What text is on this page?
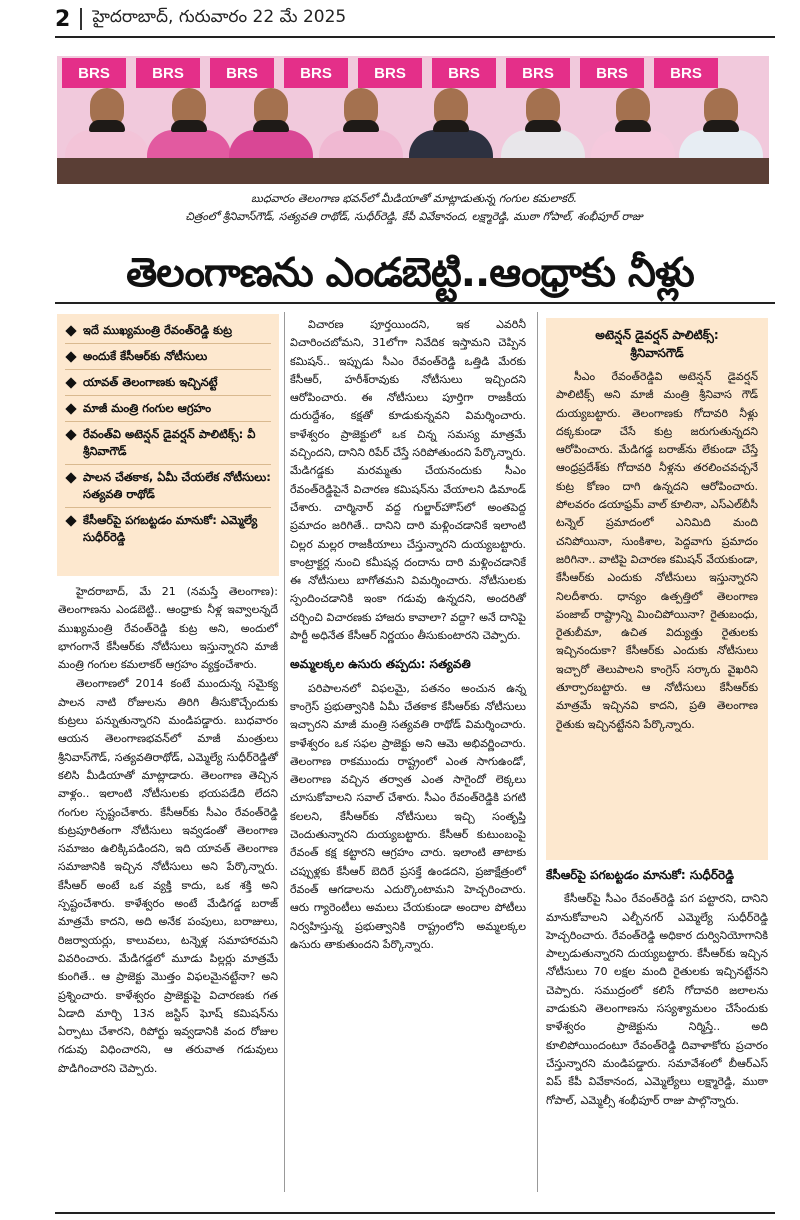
2 హైదరాబాద్, గురువారం 22 మే 2025
BRS	BRS	BRS	BRS	BRS	BRS	BRS	BRS	BRS
బుధవారం తెలంగాణ భవన్‌లో మీడియాతో మాట్లాడుతున్న గంగుల కమలాకర్.
చిత్రంలో శ్రీనివాస్‌గౌడ్, సత్యవతి రాథోడ్, సుధీర్‌రెడ్డి, కేపీ వివేకానంద, లక్ష్మారెడ్డి, ముఠా గోపాల్, శంభీపూర్ రాజు
తెలంగాణను ఎండబెట్టి..ఆంధ్రాకు నీళ్లు
ఇదే ముఖ్యమంత్రి రేవంత్‌రెడ్డి కుట్ర
అందుకే కేసీఆర్‌కు నోటీసులు
యావత్ తెలంగాణకు ఇచ్చినట్టే
మాజీ మంత్రి గంగుల ఆగ్రహం
రేవంత్‌వి అటెన్షన్ డైవర్షన్ పాలిటిక్స్: వీ శ్రీనివాగౌడ్
పాలన చేతకాక, ఏమీ చేయలేక నోటీసులు: సత్యవతి రాథోడ్
కేసీఆర్‌పై పగబట్టడం మానుకో: ఎమ్మెల్యే సుధీర్‌రెడ్డి

హైదరాబాద్, మే 21 (నమస్తే తెలంగాణ): తెలంగాణను ఎండబెట్టి.. ఆంధ్రాకు నీళ్ల ఇవ్వాలన్నదే ముఖ్యమంత్రి రేవంత్‌రెడ్డి కుట్ర అని, అందులో భాగంగానే కేసీఆర్‌కు నోటీసులు ఇస్తున్నారని మాజీ మంత్రి గంగుల కమలాకర్ ఆగ్రహం వ్యక్తంచేశారు.

తెలంగాణలో 2014 కంటే ముందున్న సమైక్య పాలన నాటి రోజులను తిరిగి తీసుకొచ్చేందుకు కుట్రలు పన్నుతున్నారని మండిపడ్డారు. బుధవారం ఆయన తెలంగాణభవన్‌లో మాజీ మంత్రులు శ్రీనివాస్‌గౌడ్, సత్యవతిరాథోడ్, ఎమ్మెల్యే సుధీర్‌రెడ్డితో కలిసి మీడియాతో మాట్లాడారు. తెలంగాణ తెచ్చిన వాళ్లం.. ఇలాంటి నోటీసులకు భయపడేది లేదని గంగుల స్పష్టంచేశారు. కేసీఆర్‌కు సీఎం రేవంత్‌రెడ్డి కుట్రపూరితంగా నోటీసులు ఇవ్వడంతో తెలంగాణ సమాజం ఉలిక్కిపడిందని, ఇది యావత్ తెలంగాణ సమాజానికి ఇచ్చిన నోటీసులు అని పేర్కొన్నారు. కేసీఆర్ అంటే ఒక వ్యక్తి కాదు, ఒక శక్తి అని స్పష్టంచేశారు. కాళేశ్వరం అంటే మేడిగడ్డ బరాజ్ మాత్రమే కాదని, అది అనేక పంపులు, బరాజులు, రిజర్వాయర్లు, కాలువలు, టన్నెళ్ల సమాహారమని వివరించారు. మేడిగడ్డలో మూడు పిల్లర్లు మాత్రమే కుంగితే.. ఆ ప్రాజెక్టు మొత్తం విఫలమైనట్టేనా? అని ప్రశ్నించారు. కాళేశ్వరం ప్రాజెక్టుపై విచారణకు గత ఏడాది మార్చి 13న జస్టిస్ ఘోష్ కమిషన్‌ను ఏర్పాటు చేశారని, రిపోర్టు ఇవ్వడానికి వంద రోజుల గడువు విధించారని, ఆ తరువాత గడువులు పొడిగించారని చెప్పారు.

విచారణ పూర్తయిందని, ఇక ఎవరినీ విచారించబోమని, 31లోగా నివేదిక ఇస్తామని చెప్పిన కమిషన్.. ఇప్పుడు సీఎం రేవంత్‌రెడ్డి ఒత్తిడి మేరకు కేసీఆర్, హరీశ్‌రావుకు నోటీసులు ఇచ్చిందని ఆరోపించారు. ఈ నోటీసులు పూర్తిగా రాజకీయ దురుద్దేశం, కక్షతో కూడుకున్నవని విమర్శించారు. కాళేశ్వరం ప్రాజెక్టులో ఒక చిన్న సమస్య మాత్రమే వచ్చిందని, దానిని రిపేర్ చేస్తే సరిపోతుందని పేర్కొన్నారు. మేడిగడ్డకు మరమ్మతు చేయనందుకు సీఎం రేవంత్‌రెడ్డిపైనే విచారణ కమిషన్‌ను వేయాలని డిమాండ్ చేశారు. చార్మినార్ వద్ద గుల్జార్‌హౌస్‌లో అంతపెద్ద ప్రమాదం జరిగితే.. దానిని దారి మళ్లించడానికే ఇలాంటి చిల్లర మల్లర రాజకీయాలు చేస్తున్నారని దుయ్యబట్టారు. కాంట్రాక్టర్ల నుంచి కమీషన్ల దందాను దారి మళ్లించడానికే ఈ నోటీసులు బాగోతమని విమర్శించారు. నోటీసులకు స్పందించడానికి ఇంకా గడువు ఉన్నదని, అందరితో చర్చించి విచారణకు హాజరు కావాలా? వద్దా? అనే దానిపై పార్టీ అధినేత కేసీఆర్ నిర్ణయం తీసుకుంటారని చెప్పారు.

అమ్మలక్కల ఉసురు తప్పదు: సత్యవతి

పరిపాలనలో విఫలమై, పతనం అంచున ఉన్న కాంగ్రెస్ ప్రభుత్వానికి ఏమీ చేతకాక కేసీఆర్‌కు నోటీసులు ఇచ్చారని మాజీ మంత్రి సత్యవతి రాథోడ్ విమర్శించారు. కాళేశ్వరం ఒక సఫల ప్రాజెక్టు అని ఆమె అభివర్ణించారు. తెలంగాణ రాకముందు రాష్ట్రంలో ఎంత సాగుఉండో, తెలంగాణ వచ్చిన తర్వాత ఎంత సాగైందో లెక్కలు చూసుకోవాలని సవాల్ చేశారు. సీఎం రేవంత్‌రెడ్డికి పగటి కలలని, కేసీఆర్‌కు నోటీసులు ఇచ్చి సంతృప్తి చెందుతున్నారని దుయ్యబట్టారు. కేసీఆర్ కుటుంబంపై రేవంత్ కక్ష కట్టారని ఆగ్రహం చారు. ఇలాంటి తాటాకు చప్పుళ్లకు కేసీఆర్ బెదిరే ప్రసక్తే ఉండదని, ప్రజాక్షేత్రంలో రేవంత్ ఆగడాలను ఎదుర్కొంటామని హెచ్చరించారు. ఆరు గ్యారెంటీలు అమలు చేయకుండా అందాల పోటీలు నిర్వహిస్తున్న ప్రభుత్వానికి రాష్ట్రంలోని అమ్మలక్కల ఉసురు తాకుతుందని పేర్కొన్నారు.

అటెన్షన్ డైవర్షన్ పాలిటిక్స్:
శ్రీనివాసగౌడ్
సీఎం రేవంత్‌రెడ్డివి అటెన్షన్ డైవర్షన్ పాలిటిక్స్ అని మాజీ మంత్రి శ్రీనివాస గౌడ్ దుయ్యబట్టారు. తెలంగాణకు గోదావరి నీళ్లు దక్కకుండా చేసే కుట్ర జరుగుతున్నదని ఆరోపించారు. మేడిగడ్డ బరాజ్‌ను లేకుండా చేస్తే ఆంధ్రప్రదేశ్‌కు గోదావరి నీళ్లను తరలించవచ్చనే కుట్ర కోణం దాగి ఉన్నదని ఆరోపించారు. పోలవరం డయాఫ్రమ్ వాల్ కూలినా, ఎస్ఎల్‌బీసీ టన్నెల్ ప్రమాదంలో ఎనిమిది మంది చనిపోయినా, సుంకిశాల, పెద్దవాగు ప్రమాదం జరిగినా.. వాటిపై విచారణ కమిషన్ వేయకుండా, కేసీఆర్‌కు ఎందుకు నోటీసులు ఇస్తున్నారని నిలదీశారు. ధాన్యం ఉత్పత్తిలో తెలంగాణ పంజాబ్ రాష్ట్రాన్ని మించిపోయినా? రైతుబంధు, రైతుబీమా, ఉచిత విద్యుత్తు రైతులకు ఇచ్చినందుకా? కేసీఆర్‌కు ఎందుకు నోటీసులు ఇచ్చారో తెలుపాలని కాంగ్రెస్ సర్కారు వైఖరిని తూర్పారబట్టారు. ఆ నోటీసులు కేసీఆర్‌కు మాత్రమే ఇచ్చినవి కాదని, ప్రతి తెలంగాణ రైతుకు ఇచ్చినట్టేనని పేర్కొన్నారు.

కేసీఆర్‌పై పగబట్టడం మానుకో: సుధీర్‌రెడ్డి

కేసీఆర్‌పై సీఎం రేవంత్‌రెడ్డి పగ పట్టారని, దానిని మానుకోవాలని ఎల్బీనగర్ ఎమ్మెల్యే సుధీర్‌రెడ్డి హెచ్చరించారు. రేవంత్‌రెడ్డి అధికార దుర్వినియోగానికి పాల్పడుతున్నారని దుయ్యబట్టారు. కేసీఆర్‌కు ఇచ్చిన నోటీసులు 70 లక్షల మంది రైతులకు ఇచ్చినట్టేనని చెప్పారు. సముద్రంలో కలిసే గోదావరి జలాలను వాడుకుని తెలంగాణను సస్యశ్యామలం చేసేందుకు కాళేశ్వరం ప్రాజెక్టును నిర్మిస్తే.. అది కూలిపోయిందంటూ రేవంత్‌రెడ్డి దివాళాకోరు ప్రచారం చేస్తున్నారని మండిపడ్డారు. సమావేశంలో బీఆర్ఎస్ విప్ కేపీ వివేకానంద, ఎమ్మెల్యేలు లక్ష్మారెడ్డి, ముఠా గోపాల్, ఎమ్మెల్సీ శంభీపూర్ రాజు పాల్గొన్నారు.
